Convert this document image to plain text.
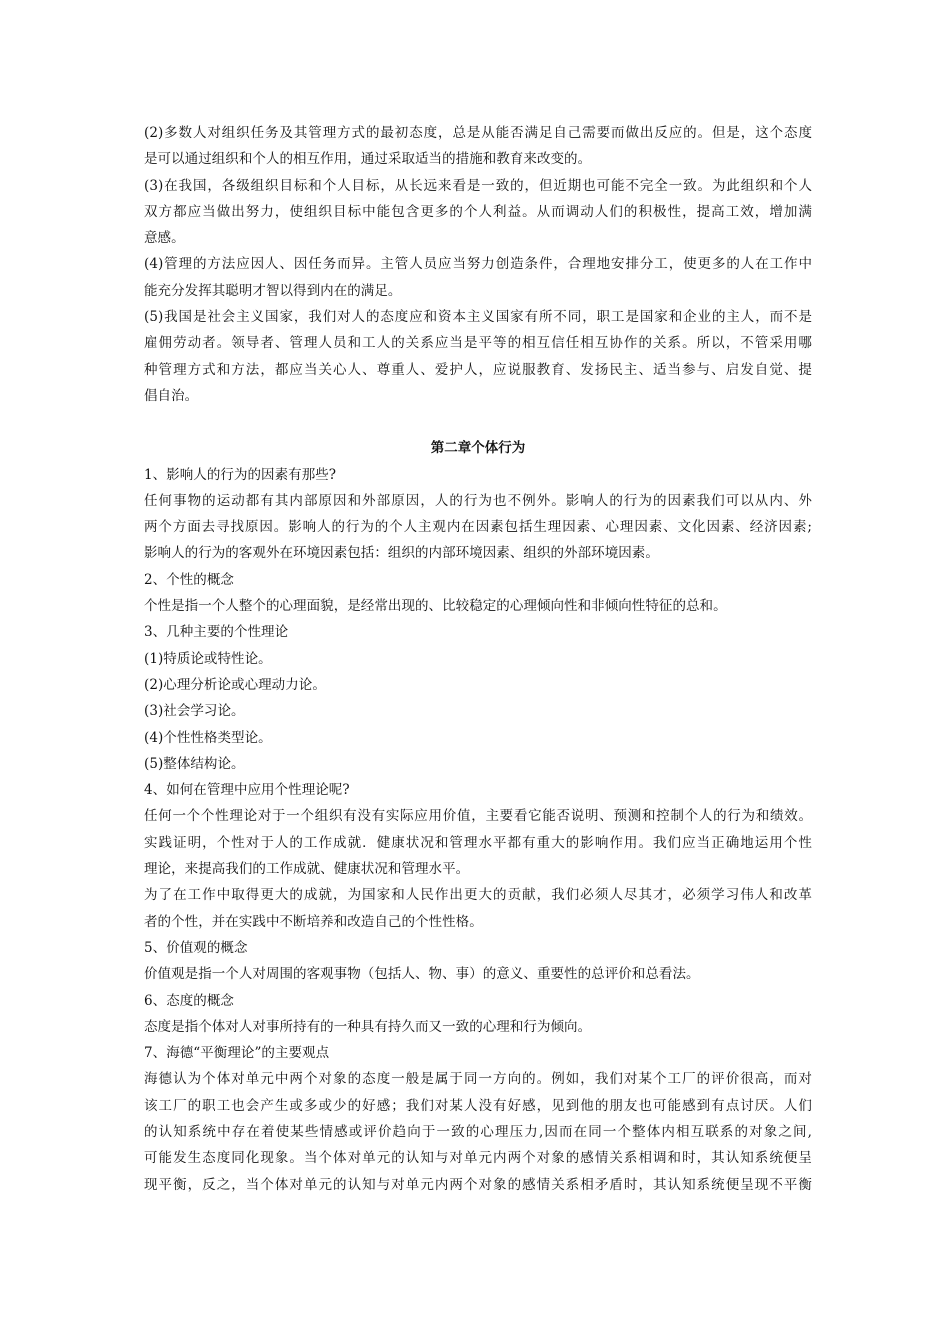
(2)多数人对组织任务及其管理方式的最初态度，总是从能否满足自己需要而做出反应的。但是，这个态度
是可以通过组织和个人的相互作用，通过采取适当的措施和教育来改变的。
(3)在我国，各级组织目标和个人目标，从长远来看是一致的，但近期也可能不完全一致。为此组织和个人
双方都应当做出努力，使组织目标中能包含更多的个人利益。从而调动人们的积极性，提高工效，增加满
意感。
(4)管理的方法应因人、因任务而异。主管人员应当努力创造条件，合理地安排分工，使更多的人在工作中
能充分发挥其聪明才智以得到内在的满足。
(5)我国是社会主义国家，我们对人的态度应和资本主义国家有所不同，职工是国家和企业的主人，而不是
雇佣劳动者。领导者、管理人员和工人的关系应当是平等的相互信任相互协作的关系。所以，不管采用哪
种管理方式和方法，都应当关心人、尊重人、爱护人，应说服教育、发扬民主、适当参与、启发自觉、提
倡自治。
第二章个体行为
1、影响人的行为的因素有那些?
任何事物的运动都有其内部原因和外部原因，人的行为也不例外。影响人的行为的因素我们可以从内、外
两个方面去寻找原因。影响人的行为的个人主观内在因素包括生理因素、心理因素、文化因素、经济因素;
影响人的行为的客观外在环境因素包括：组织的内部环境因素、组织的外部环境因素。
2、个性的概念
个性是指一个人整个的心理面貌，是经常出现的、比较稳定的心理倾向性和非倾向性特征的总和。
3、几种主要的个性理论
(1)特质论或特性论。
(2)心理分析论或心理动力论。
(3)社会学习论。
(4)个性性格类型论。
(5)整体结构论。
4、如何在管理中应用个性理论呢?
任何一个个性理论对于一个组织有没有实际应用价值，主要看它能否说明、预测和控制个人的行为和绩效。
实践证明，个性对于人的工作成就．健康状况和管理水平都有重大的影响作用。我们应当正确地运用个性
理论，来提高我们的工作成就、健康状况和管理水平。
为了在工作中取得更大的成就，为国家和人民作出更大的贡献，我们必须人尽其才，必须学习伟人和改革
者的个性，并在实践中不断培养和改造自己的个性性格。
5、价值观的概念
价值观是指一个人对周围的客观事物（包括人、物、事）的意义、重要性的总评价和总看法。
6、态度的概念
态度是指个体对人对事所持有的一种具有持久而又一致的心理和行为倾向。
7、海德“平衡理论”的主要观点
海德认为个体对单元中两个对象的态度一般是属于同一方向的。例如，我们对某个工厂的评价很高，而对
该工厂的职工也会产生或多或少的好感；我们对某人没有好感，见到他的朋友也可能感到有点讨厌。人们
的认知系统中存在着使某些情感或评价趋向于一致的心理压力,因而在同一个整体内相互联系的对象之间,
可能发生态度同化现象。当个体对单元的认知与对单元内两个对象的感情关系相调和时，其认知系统便呈
现平衡，反之，当个体对单元的认知与对单元内两个对象的感情关系相矛盾时，其认知系统便呈现不平衡
